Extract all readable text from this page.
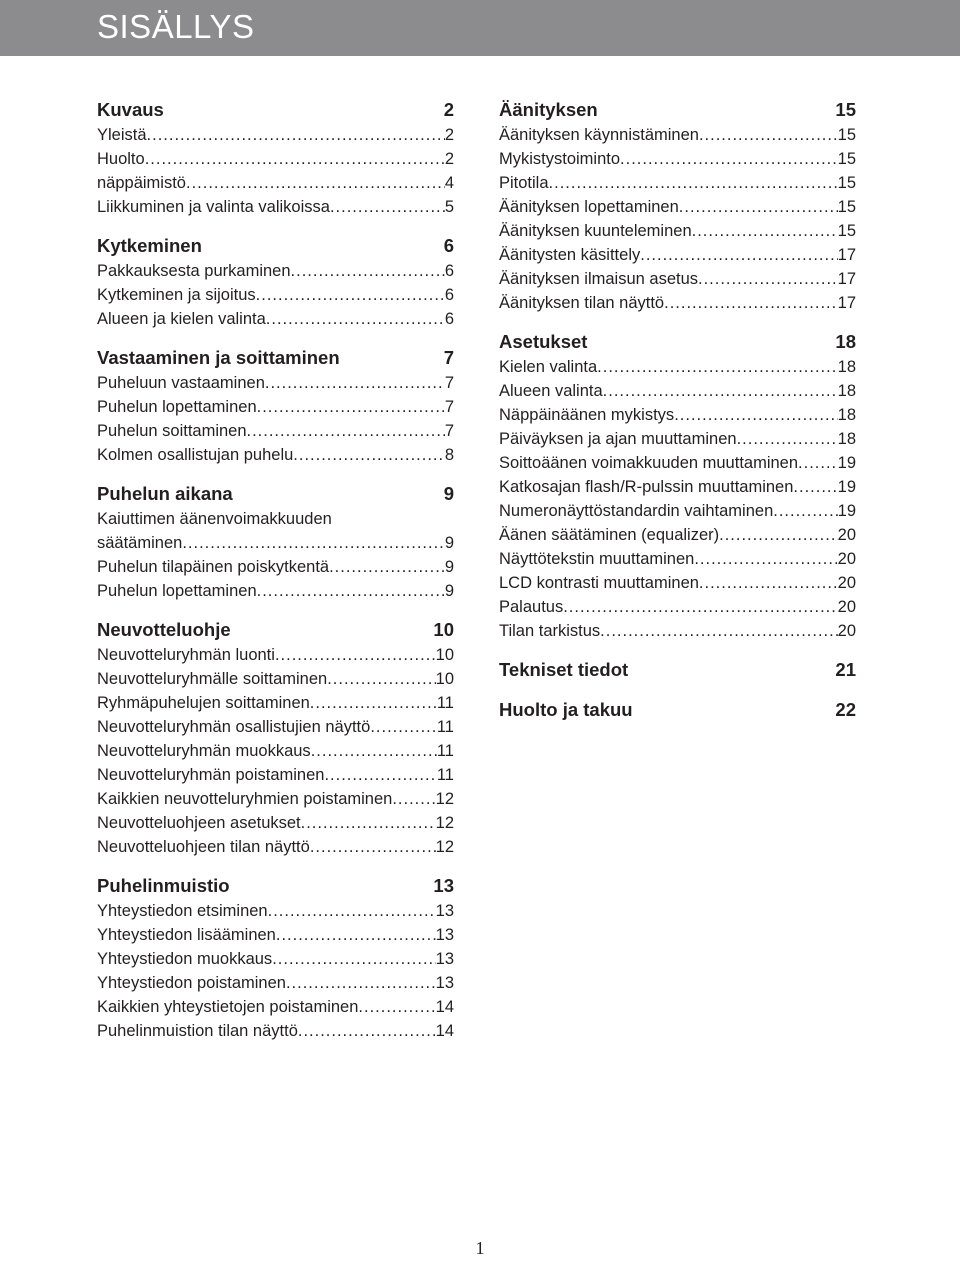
SISÄLLYS
Kuvaus	2
Yleistä .....	2
Huolto .....	2
näppäimistö .....	4
Liikkuminen ja valinta valikoissa .....	5
Kytkeminen	6
Pakkauksesta purkaminen .....	6
Kytkeminen ja sijoitus .....	6
Alueen ja kielen valinta .....	6
Vastaaminen ja soittaminen	7
Puheluun vastaaminen .....	7
Puhelun lopettaminen .....	7
Puhelun soittaminen .....	7
Kolmen osallistujan puhelu .....	8
Puhelun aikana	9
Kaiuttimen äänenvoimakkuuden
säätäminen .....	9
Puhelun tilapäinen poiskytkentä .....	9
Puhelun lopettaminen .....	9
Neuvotteluohje	10
Neuvotteluryhmän luonti .....	10
Neuvotteluryhmälle soittaminen .....	10
Ryhmäpuhelujen soittaminen .....	11
Neuvotteluryhmän osallistujien näyttö .....	11
Neuvotteluryhmän muokkaus .....	11
Neuvotteluryhmän poistaminen .....	11
Kaikkien neuvotteluryhmien poistaminen .....	12
Neuvotteluohjeen asetukset .....	12
Neuvotteluohjeen tilan näyttö .....	12
Puhelinmuistio	13
Yhteystiedon etsiminen .....	13
Yhteystiedon lisääminen .....	13
Yhteystiedon muokkaus .....	13
Yhteystiedon poistaminen .....	13
Kaikkien yhteystietojen poistaminen .....	14
Puhelinmuistion tilan näyttö .....	14
Äänityksen	15
Äänityksen käynnistäminen .....	15
Mykistystoiminto .....	15
Pitotila .....	15
Äänityksen lopettaminen .....	15
Äänityksen kuunteleminen .....	15
Äänitysten käsittely .....	17
Äänityksen ilmaisun asetus .....	17
Äänityksen tilan näyttö .....	17
Asetukset	18
Kielen valinta .....	18
Alueen valinta .....	18
Näppäinäänen mykistys .....	18
Päiväyksen ja ajan muuttaminen .....	18
Soittoäänen voimakkuuden muuttaminen ..... 19
Katkosajan flash/R-pulssin muuttaminen .....	19
Numeronäyttöstandardin vaihtaminen .....	19
Äänen säätäminen (equalizer) .....	20
Näyttötekstin muuttaminen .....	20
LCD kontrasti muuttaminen .....	20
Palautus .....	20
Tilan tarkistus .....	20
Tekniset tiedot	21
Huolto ja takuu	22
1
